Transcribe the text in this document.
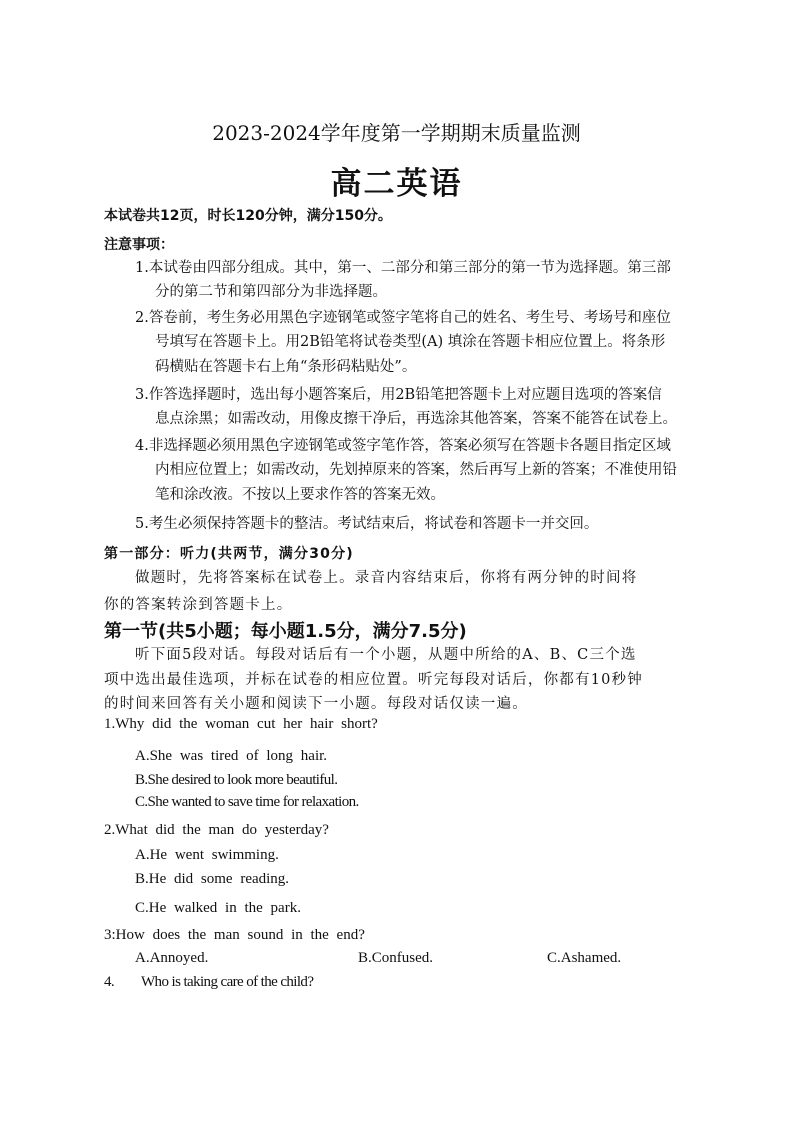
2023-2024学年度第一学期期末质量监测
高二英语
本试卷共12页，时长120分钟，满分150分。
注意事项：
1.本试卷由四部分组成。其中，第一、二部分和第三部分的第一节为选择题。第三部
分的第二节和第四部分为非选择题。
2.答卷前，考生务必用黑色字迹钢笔或签字笔将自己的姓名、考生号、考场号和座位
号填写在答题卡上。用2B铅笔将试卷类型(A) 填涂在答题卡相应位置上。将条形
码横贴在答题卡右上角“条形码粘贴处”。
3.作答选择题时，选出每小题答案后，用2B铅笔把答题卡上对应题目选项的答案信
息点涂黑；如需改动，用像皮擦干净后，再选涂其他答案，答案不能答在试卷上。
4.非选择题必须用黑色字迹钢笔或签字笔作答，答案必须写在答题卡各题目指定区域
内相应位置上；如需改动，先划掉原来的答案，然后再写上新的答案；不准使用铅
笔和涂改液。不按以上要求作答的答案无效。
5.考生必须保持答题卡的整洁。考试结束后，将试卷和答题卡一并交回。
第一部分：听力(共两节，满分30分)
做题时，先将答案标在试卷上。录音内容结束后，你将有两分钟的时间将
你的答案转涂到答题卡上。
第一节(共5小题；每小题1.5分，满分7.5分)
听下面5段对话。每段对话后有一个小题，从题中所给的A、B、C三个选
项中选出最佳选项，并标在试卷的相应位置。听完每段对话后，你都有10秒钟
的时间来回答有关小题和阅读下一小题。每段对话仅读一遍。
1.Why did the woman cut her hair short?
A.She was tired of long hair.
B.She desired to look more beautiful.
C.She wanted to save time for relaxation.
2.What did the man do yesterday?
A.He went swimming.
B.He did some reading.
C.He walked in the park.
3:How does the man sound in the end?
A.Annoyed.	B.Confused.	C.Ashamed.
4. Who is taking care of the child?
